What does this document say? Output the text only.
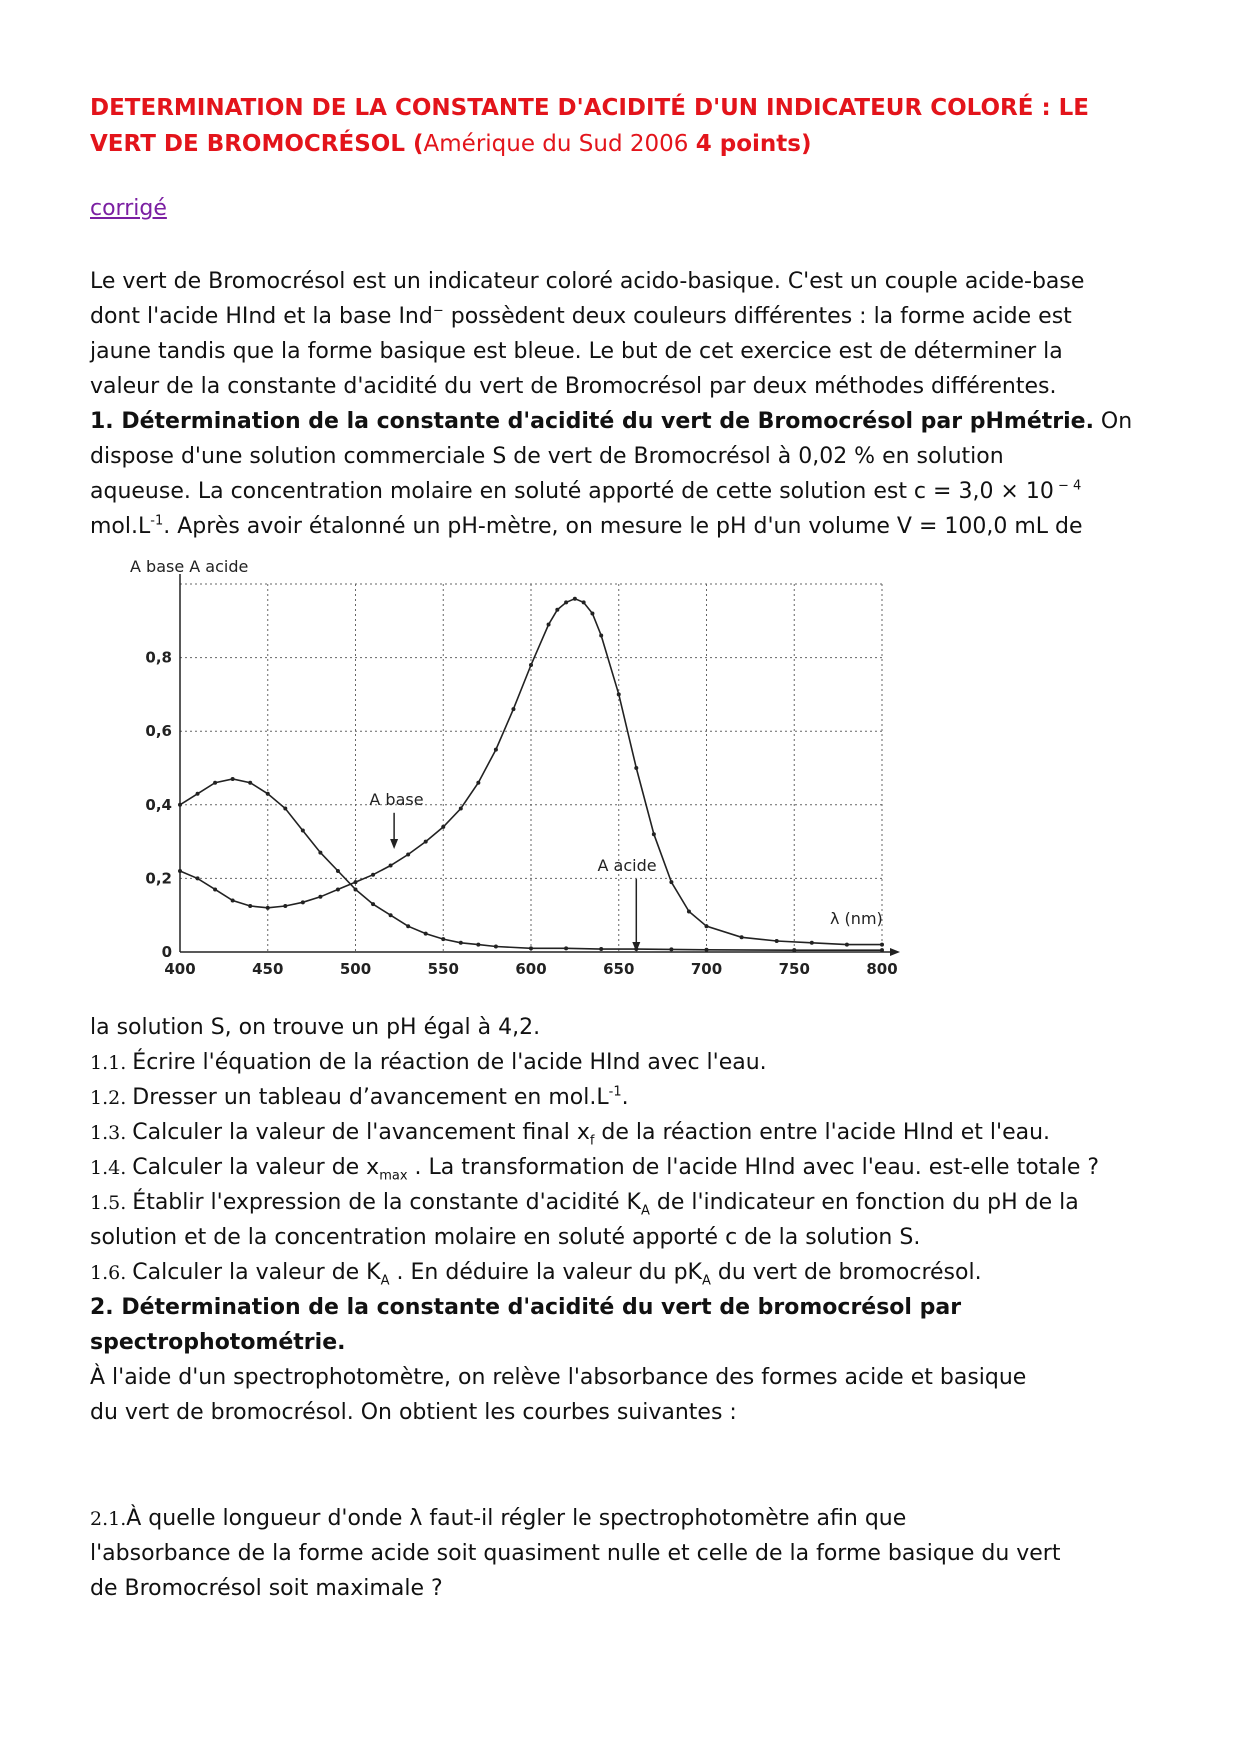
DETERMINATION DE LA CONSTANTE D'ACIDITÉ D'UN INDICATEUR COLORÉ : LE VERT DE BROMOCRÉSOL (Amérique du Sud 2006 4 points)
corrigé
Le vert de Bromocrésol est un indicateur coloré acido-basique. C'est un couple acide-base
dont l'acide HInd et la base Ind− possèdent deux couleurs différentes : la forme acide est
jaune tandis que la forme basique est bleue. Le but de cet exercice est de déterminer la
valeur de la constante d'acidité du vert de Bromocrésol par deux méthodes différentes.
1. Détermination de la constante d'acidité du vert de Bromocrésol par pHmétrie. On
dispose d'une solution commerciale S de vert de Bromocrésol à 0,02 % en solution
aqueuse. La concentration molaire en soluté apporté de cette solution est c = 3,0 × 10 $^{- 4}$
$mol.L^{-1}$. Après avoir étalonné un pH-mètre, on mesure le pH d'un volume V = 100,0 mL de
la solution S, on trouve un pH égal à 4,2.
1.1. Écrire l'équation de la réaction de l'acide HInd avec l'eau.
1.2. Dresser un tableau d’avancement en $mol.L^{-1}$.
1.3. Calculer la valeur de l'avancement final $x_f$ de la réaction entre l'acide HInd et l'eau.
1.4. Calculer la valeur de $x_{max}$ . La transformation de l'acide HInd avec l'eau. est-elle totale ?
1.5. Établir l'expression de la constante d'acidité $K_A$ de l'indicateur en fonction du pH de la
solution et de la concentration molaire en soluté apporté c de la solution S.
1.6. Calculer la valeur de $K_A$ . En déduire la valeur du $pK_A$ du vert de bromocrésol.
2. Détermination de la constante d'acidité du vert de bromocrésol par
spectrophotométrie.
À l'aide d'un spectrophotomètre, on relève l'absorbance des formes acide et basique
du vert de bromocrésol. On obtient les courbes suivantes :
2.1.À quelle longueur d'onde λ faut-il régler le spectrophotomètre afin que
l'absorbance de la forme acide soit quasiment nulle et celle de la forme basique du vert
de Bromocrésol soit maximale ?
400	450	500	550	600	650	700	750	800
0
0,2
0,4
0,6
0,8
A base A acide
λ (nm)
A base
A acide
